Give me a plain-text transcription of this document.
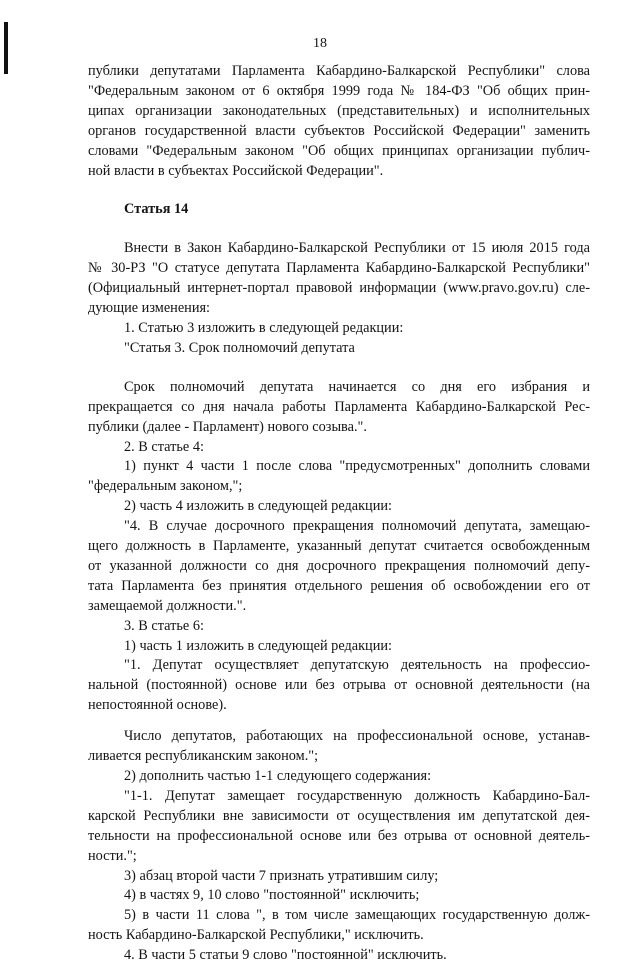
18
публики депутатами Парламента Кабардино-Балкарской Республики" слова
"Федеральным законом от 6 октября 1999 года № 184-ФЗ "Об общих прин-
ципах организации законодательных (представительных) и исполнительных
органов государственной власти субъектов Российской Федерации" заменить
словами "Федеральным законом "Об общих принципах организации публич-
ной власти в субъектах Российской Федерации".
Статья 14
Внести в Закон Кабардино-Балкарской Республики от 15 июля 2015 года
№ 30-РЗ "О статусе депутата Парламента Кабардино-Балкарской Республики"
(Официальный интернет-портал правовой информации (www.pravo.gov.ru) сле-
дующие изменения:
1. Статью 3 изложить в следующей редакции:
"Статья 3. Срок полномочий депутата
Срок полномочий депутата начинается со дня его избрания и
прекращается со дня начала работы Парламента Кабардино-Балкарской Рес-
публики (далее - Парламент) нового созыва.".
2. В статье 4:
1) пункт 4 части 1 после слова "предусмотренных" дополнить словами
"федеральным законом,";
2) часть 4 изложить в следующей редакции:
"4. В случае досрочного прекращения полномочий депутата, замещаю-
щего должность в Парламенте, указанный депутат считается освобожденным
от указанной должности со дня досрочного прекращения полномочий депу-
тата Парламента без принятия отдельного решения об освобождении его от
замещаемой должности.".
3. В статье 6:
1) часть 1 изложить в следующей редакции:
"1. Депутат осуществляет депутатскую деятельность на профессио-
нальной (постоянной) основе или без отрыва от основной деятельности (на
непостоянной основе).
Число депутатов, работающих на профессиональной основе, устанав-
ливается республиканским законом.";
2) дополнить частью 1-1 следующего содержания:
"1-1. Депутат замещает государственную должность Кабардино-Бал-
карской Республики вне зависимости от осуществления им депутатской дея-
тельности на профессиональной основе или без отрыва от основной деятель-
ности.";
3) абзац второй части 7 признать утратившим силу;
4) в частях 9, 10 слово "постоянной" исключить;
5) в части 11 слова ", в том числе замещающих государственную долж-
ность Кабардино-Балкарской Республики," исключить.
4. В части 5 статьи 9 слово "постоянной" исключить.
